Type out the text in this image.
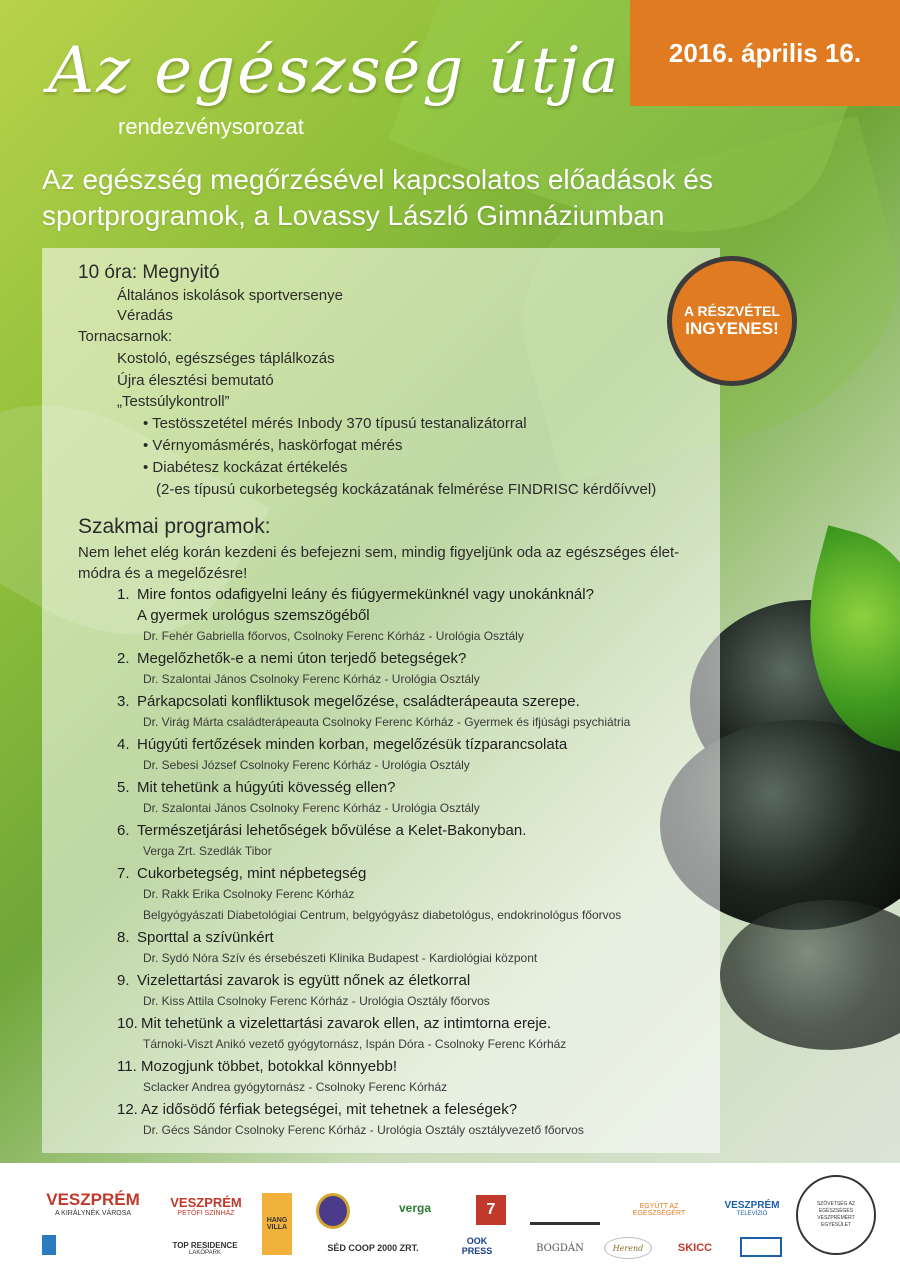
Az egészség útja
rendezvénysorozat
Az egészség megőrzésével kapcsolatos előadások és
sportprogramok, a Lovassy László Gimnáziumban
2016. április 16.
A RÉSZVÉTEL
INGYENES!
10 óra: Megnyitó
Általános iskolások sportversenye
Véradás
Tornacsarnok:
Kostoló, egészséges táplálkozás
Újra élesztési bemutató
„Testsúlykontroll”
• Testösszetétel mérés Inbody 370 típusú testanalizátorral
• Vérnyomásmérés, haskörfogat mérés
• Diabétesz kockázat értékelés
(2-es típusú cukorbetegség kockázatának felmérése FINDRISC kérdőívvel)
Szakmai programok:
Nem lehet elég korán kezdeni és befejezni sem, mindig figyeljünk oda az egészséges élet-
módra és a megelőzésre!
VESZPRÉM
A KIRÁLYNÉK VÁROSA
VESZPRÉM
PETŐFI SZÍNHÁZ
HANG VILLA
verga	7	EGYÜTT AZ EGÉSZSÉGÉRT
VESZPRÉM
TELEVÍZIÓ
SZÖVETSÉG AZ EGÉSZSÉGES VESZPRÉMÉRT EGYESÜLET
TOP RESIDENCE
LAKÓPARK	SÉD COOP 2000 ZRT.
OOK PRESS	BOGDÁN	Herend	SKICC
1. Mire fontos odafigyelni leány és fiúgyermekünknél vagy unokánknál?
A gyermek urológus szemszögéből
Dr. Fehér Gabriella főorvos, Csolnoky Ferenc Kórház - Urológia Osztály
2. Megelőzhetők-e a nemi úton terjedő betegségek?
Dr. Szalontai János Csolnoky Ferenc Kórház - Urológia Osztály
3. Párkapcsolati konfliktusok megelőzése, családterápeauta szerepe.
Dr. Virág Márta családterápeauta Csolnoky Ferenc Kórház - Gyermek és ifjúsági psychiátria
4. Húgyúti fertőzések minden korban, megelőzésük tízparancsolata
Dr. Sebesi József Csolnoky Ferenc Kórház - Urológia Osztály
5. Mit tehetünk a húgyúti kövesség ellen?
Dr. Szalontai János Csolnoky Ferenc Kórház - Urológia Osztály
6. Természetjárási lehetőségek bővülése a Kelet-Bakonyban.
Verga Zrt. Szedlák Tibor
7. Cukorbetegség, mint népbetegség
Dr. Rakk Erika Csolnoky Ferenc Kórház
Belgyógyászati Diabetológiai Centrum, belgyógyász diabetológus, endokrinológus főorvos
8. Sporttal a szívünkért
Dr. Sydó Nóra Szív és érsebészeti Klinika Budapest - Kardiológiai központ
9. Vizelettartási zavarok is együtt nőnek az életkorral
Dr. Kiss Attila Csolnoky Ferenc Kórház - Urológia Osztály főorvos
10. Mit tehetünk a vizelettartási zavarok ellen, az intimtorna ereje.
Tárnoki-Viszt Anikó vezető gyógytornász, Ispán Dóra - Csolnoky Ferenc Kórház
11. Mozogjunk többet, botokkal könnyebb!
Sclacker Andrea gyógytornász - Csolnoky Ferenc Kórház
12. Az idősödő férfiak betegségei, mit tehetnek a feleségek?
Dr. Gécs Sándor Csolnoky Ferenc Kórház - Urológia Osztály osztályvezető főorvos
